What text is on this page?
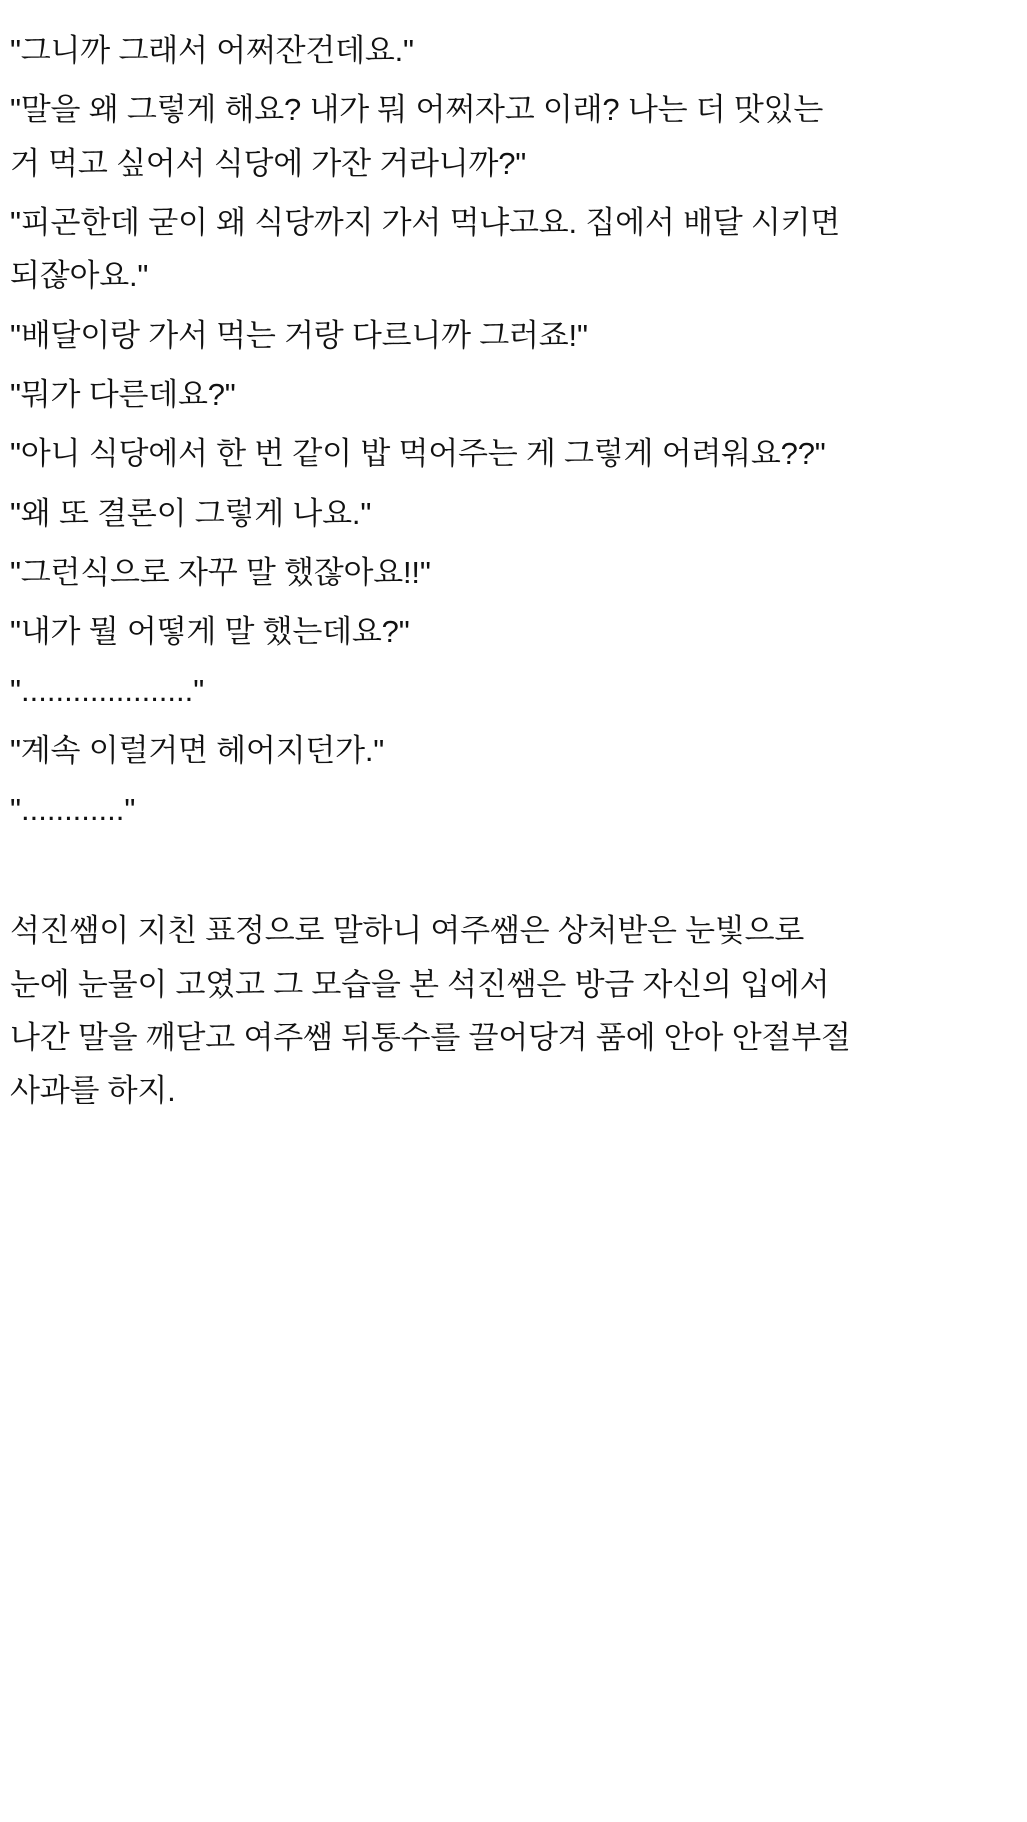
"그니까 그래서 어쩌잔건데요."

"말을 왜 그렇게 해요? 내가 뭐 어쩌자고 이래? 나는 더 맛있는 거 먹고 싶어서 식당에 가잔 거라니까?"

"피곤한데 굳이 왜 식당까지 가서 먹냐고요. 집에서 배달 시키면 되잖아요."

"배달이랑 가서 먹는 거랑 다르니까 그러죠!"

"뭐가 다른데요?"

"아니 식당에서 한 번 같이 밥 먹어주는 게 그렇게 어려워요??"

"왜 또 결론이 그렇게 나요."

"그런식으로 자꾸 말 했잖아요!!"

"내가 뭘 어떻게 말 했는데요?"

"...................."

"계속 이럴거면 헤어지던가."

"............"

석진쌤이 지친 표정으로 말하니 여주쌤은 상처받은 눈빛으로 눈에 눈물이 고였고 그 모습을 본 석진쌤은 방금 자신의 입에서 나간 말을 깨닫고 여주쌤 뒤통수를 끌어당겨 품에 안아 안절부절 사과를 하지.
